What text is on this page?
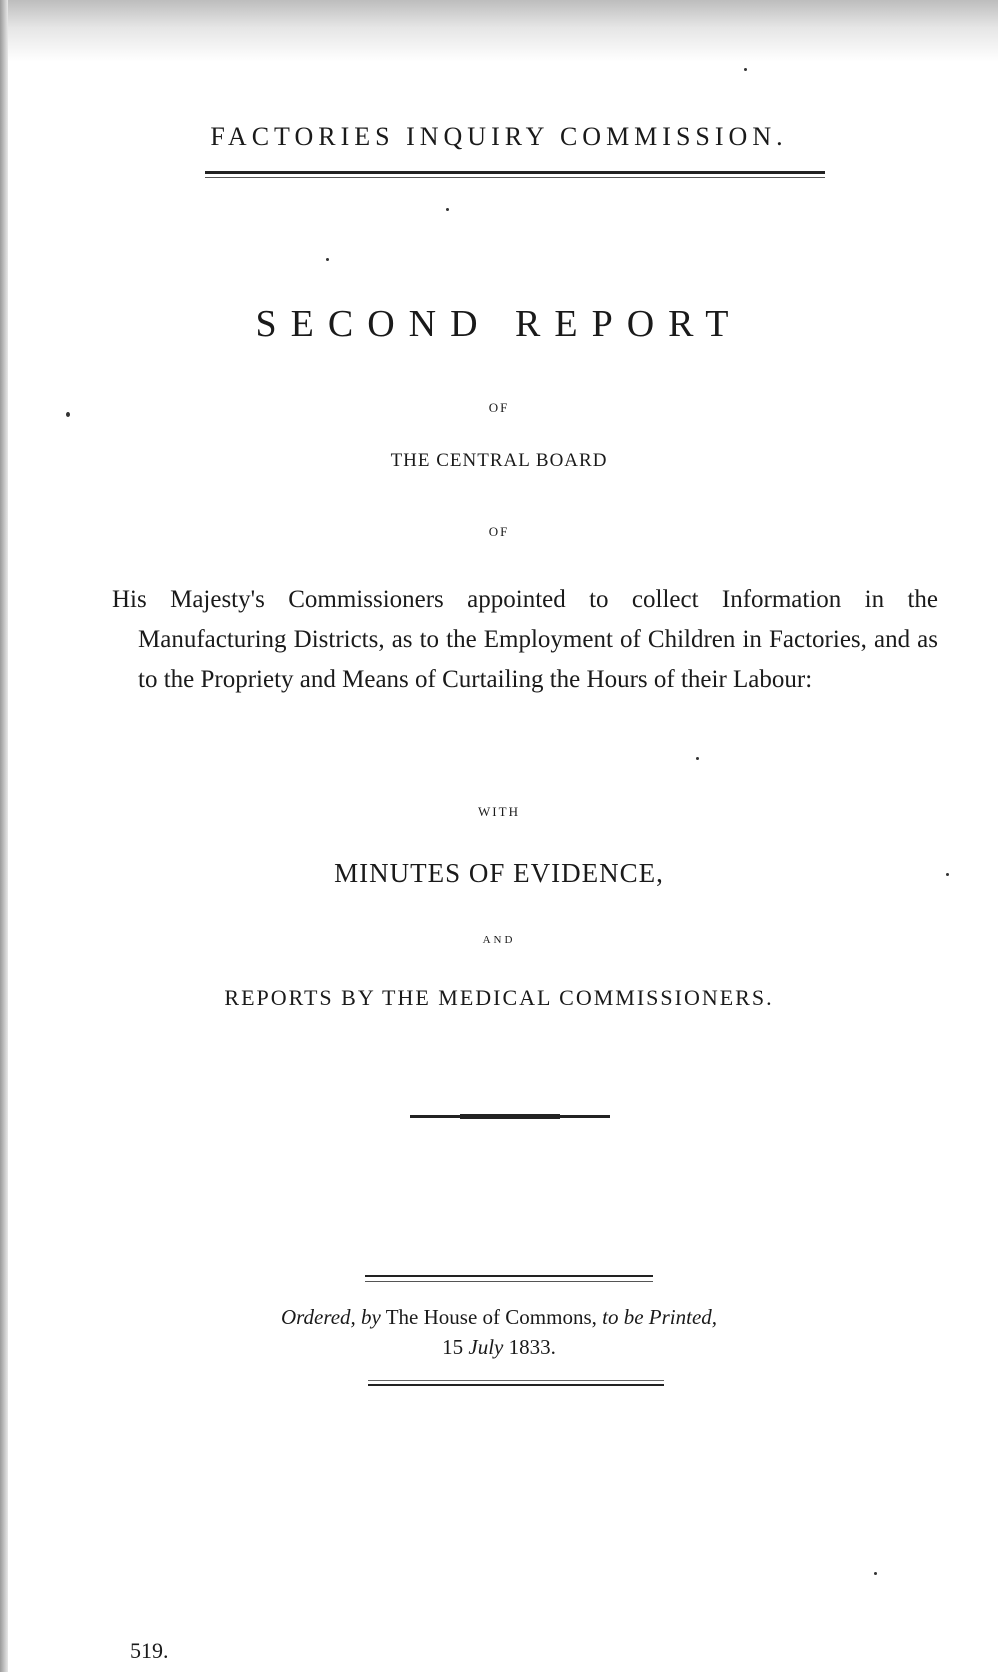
FACTORIES INQUIRY COMMISSION.
SECOND REPORT
OF
THE CENTRAL BOARD
OF
His Majesty's Commissioners appointed to collect Information in the Manufacturing Districts, as to the Employment of Children in Factories, and as to the Propriety and Means of Curtailing the Hours of their Labour:
WITH
MINUTES OF EVIDENCE,
AND
REPORTS BY THE MEDICAL COMMISSIONERS.
Ordered, by The House of Commons, to be Printed,
15 July 1833.
519.
